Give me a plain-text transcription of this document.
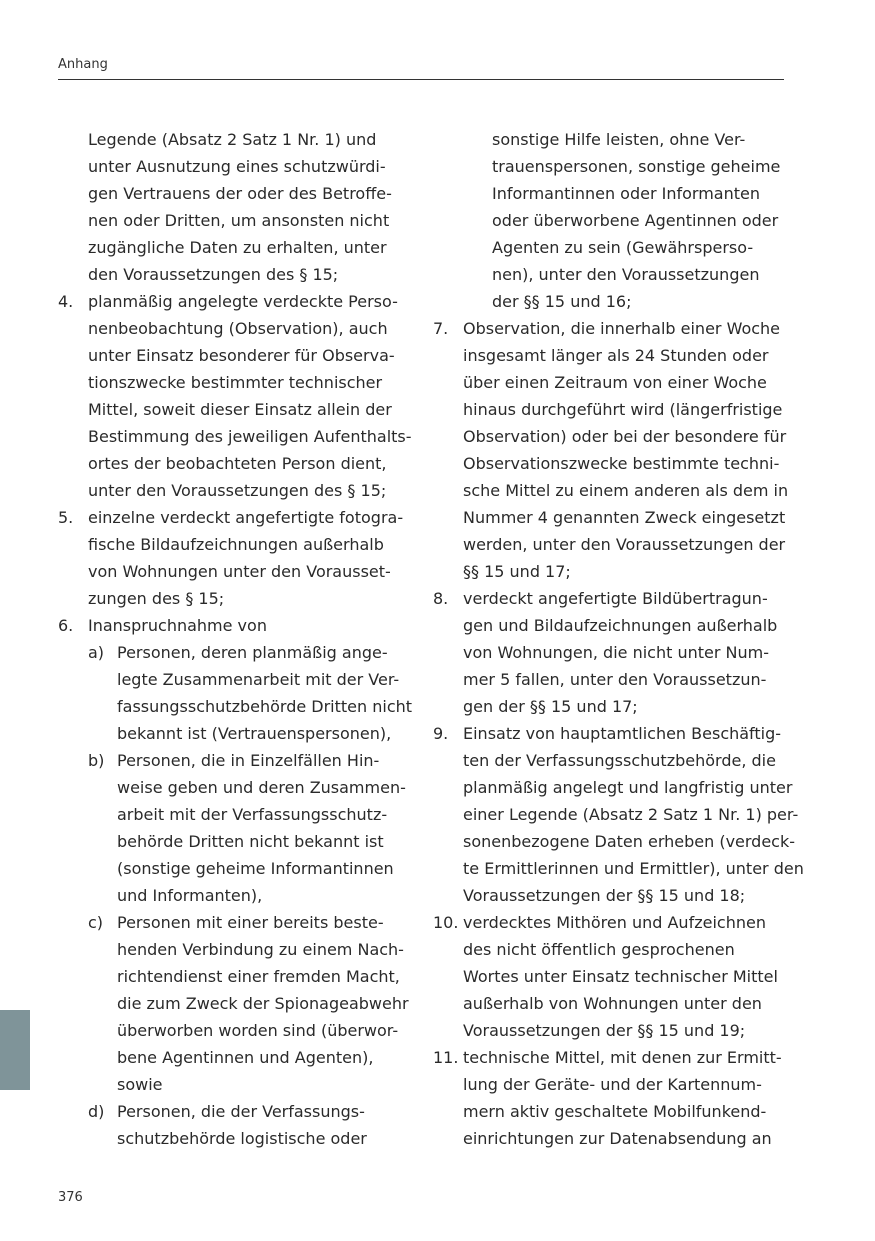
Anhang
Legende (Absatz 2 Satz 1 Nr. 1) und
unter Ausnutzung eines schutzwürdi-
gen Vertrauens der oder des Betroffe-
nen oder Dritten, um ansonsten nicht
zugängliche Daten zu erhalten, unter
den Voraussetzungen des § 15;
4. planmäßig angelegte verdeckte Perso-
nenbeobachtung (Observation), auch
unter Einsatz besonderer für Observa-
tionszwecke bestimmter technischer
Mittel, soweit dieser Einsatz allein der
Bestimmung des jeweiligen Aufenthalts-
ortes der beobachteten Person dient,
unter den Voraussetzungen des § 15;
5. einzelne verdeckt angefertigte fotogra-
fische Bildaufzeichnungen außerhalb
von Wohnungen unter den Vorausset-
zungen des § 15;
6. Inanspruchnahme von
a) Personen, deren planmäßig ange-
legte Zusammenarbeit mit der Ver-
fassungsschutzbehörde Dritten nicht
bekannt ist (Vertrauenspersonen),
b) Personen, die in Einzelfällen Hin-
weise geben und deren Zusammen-
arbeit mit der Verfassungsschutz-
behörde Dritten nicht bekannt ist
(sonstige geheime Informantinnen
und Informanten),
c) Personen mit einer bereits beste-
henden Verbindung zu einem Nach-
richtendienst einer fremden Macht,
die zum Zweck der Spionageabwehr
überworben worden sind (überwor-
bene Agentinnen und Agenten),
sowie
d) Personen, die der Verfassungs-
schutzbehörde logistische oder
sonstige Hilfe leisten, ohne Ver-
trauenspersonen, sonstige geheime
Informantinnen oder Informanten
oder überworbene Agentinnen oder
Agenten zu sein (Gewährsperso-
nen), unter den Voraussetzungen
der §§ 15 und 16;
7. Observation, die innerhalb einer Woche
insgesamt länger als 24 Stunden oder
über einen Zeitraum von einer Woche
hinaus durchgeführt wird (längerfristige
Observation) oder bei der besondere für
Observationszwecke bestimmte techni-
sche Mittel zu einem anderen als dem in
Nummer 4 genannten Zweck eingesetzt
werden, unter den Voraussetzungen der
§§ 15 und 17;
8. verdeckt angefertigte Bildübertragun-
gen und Bildaufzeichnungen außerhalb
von Wohnungen, die nicht unter Num-
mer 5 fallen, unter den Voraussetzun-
gen der §§ 15 und 17;
9. Einsatz von hauptamtlichen Beschäftig-
ten der Verfassungsschutzbehörde, die
planmäßig angelegt und langfristig unter
einer Legende (Absatz 2 Satz 1 Nr. 1) per-
sonenbezogene Daten erheben (verdeck-
te Ermittlerinnen und Ermittler), unter den
Voraussetzungen der §§ 15 und 18;
10. verdecktes Mithören und Aufzeichnen
des nicht öffentlich gesprochenen
Wortes unter Einsatz technischer Mittel
außerhalb von Wohnungen unter den
Voraussetzungen der §§ 15 und 19;
11. technische Mittel, mit denen zur Ermitt-
lung der Geräte- und der Kartennum-
mern aktiv geschaltete Mobilfunkend-
einrichtungen zur Datenabsendung an
376
